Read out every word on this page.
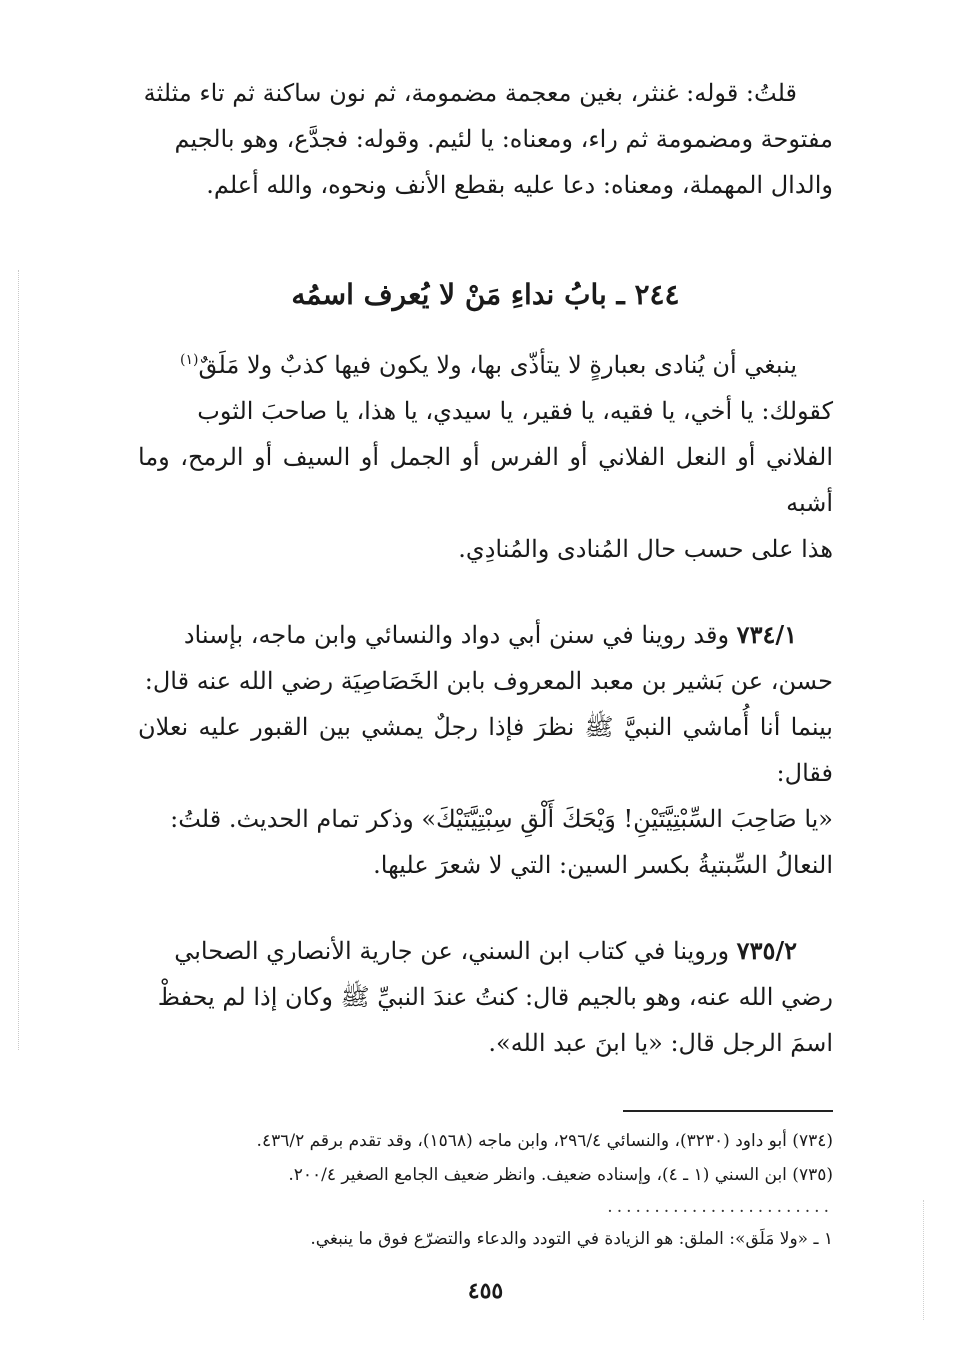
قلتُ: قوله: غنثر، بغين معجمة مضمومة، ثم نون ساكنة ثم تاء مثلثة

مفتوحة ومضمومة ثم راء، ومعناه: يا لئيم. وقوله: فجدَّع، وهو بالجيم

والدال المهملة، ومعناه: دعا عليه بقطع الأنف ونحوه، والله أعلم.

٢٤٤ ـ بابُ نداءِ مَنْ لا يُعرف اسمُه

ينبغي أن يُنادى بعبارةٍ لا يتأذّى بها، ولا يكون فيها كذبٌ ولا مَلَقٌ$^{(١)}$

كقولك: يا أخي، يا فقيه، يا فقير، يا سيدي، يا هذا، يا صاحبَ الثوب

الفلاني أو النعل الفلاني أو الفرس أو الجمل أو السيف أو الرمح، وما أشبه

هذا على حسب حال المُنادى والمُنادِي.

٧٣٤/١ وقد روينا في سنن أبي دواد والنسائي وابن ماجه، بإسناد

حسن، عن بَشير بن معبد المعروف بابن الخَصَاصِيَة رضي الله عنه قال:

بينما أنا أُماشي النبيَّ ﷺ نظرَ فإذا رجلٌ يمشي بين القبور عليه نعلان فقال:

«يا صَاحِبَ السِّبْتِيَّتَيْنِ! وَيْحَكَ أَلْقِ سِبْتِيَّتَيْكَ» وذكر تمام الحديث. قلتُ:

النعالُ السِّبتيةُ بكسر السين: التي لا شعرَ عليها.

٧٣٥/٢ وروينا في كتاب ابن السني، عن جارية الأنصاري الصحابي

رضي الله عنه، وهو بالجيم قال: كنتُ عندَ النبيِّ ﷺ وكان إذا لم يحفظْ

اسمَ الرجل قال: «يا ابنَ عبد الله».

(٧٣٤) أبو داود (٣٢٣٠)، والنسائي ٢٩٦/٤، وابن ماجه (١٥٦٨)، وقد تقدم برقم ٤٣٦/٢.

(٧٣٥) ابن السني (١ ـ ٤)، وإسناده ضعيف. وانظر ضعيف الجامع الصغير ٢٠٠/٤.

........................

١ ـ «ولا مَلَق»: الملق: هو الزيادة في التودد والدعاء والتضرّع فوق ما ينبغي.

٤٥٥
